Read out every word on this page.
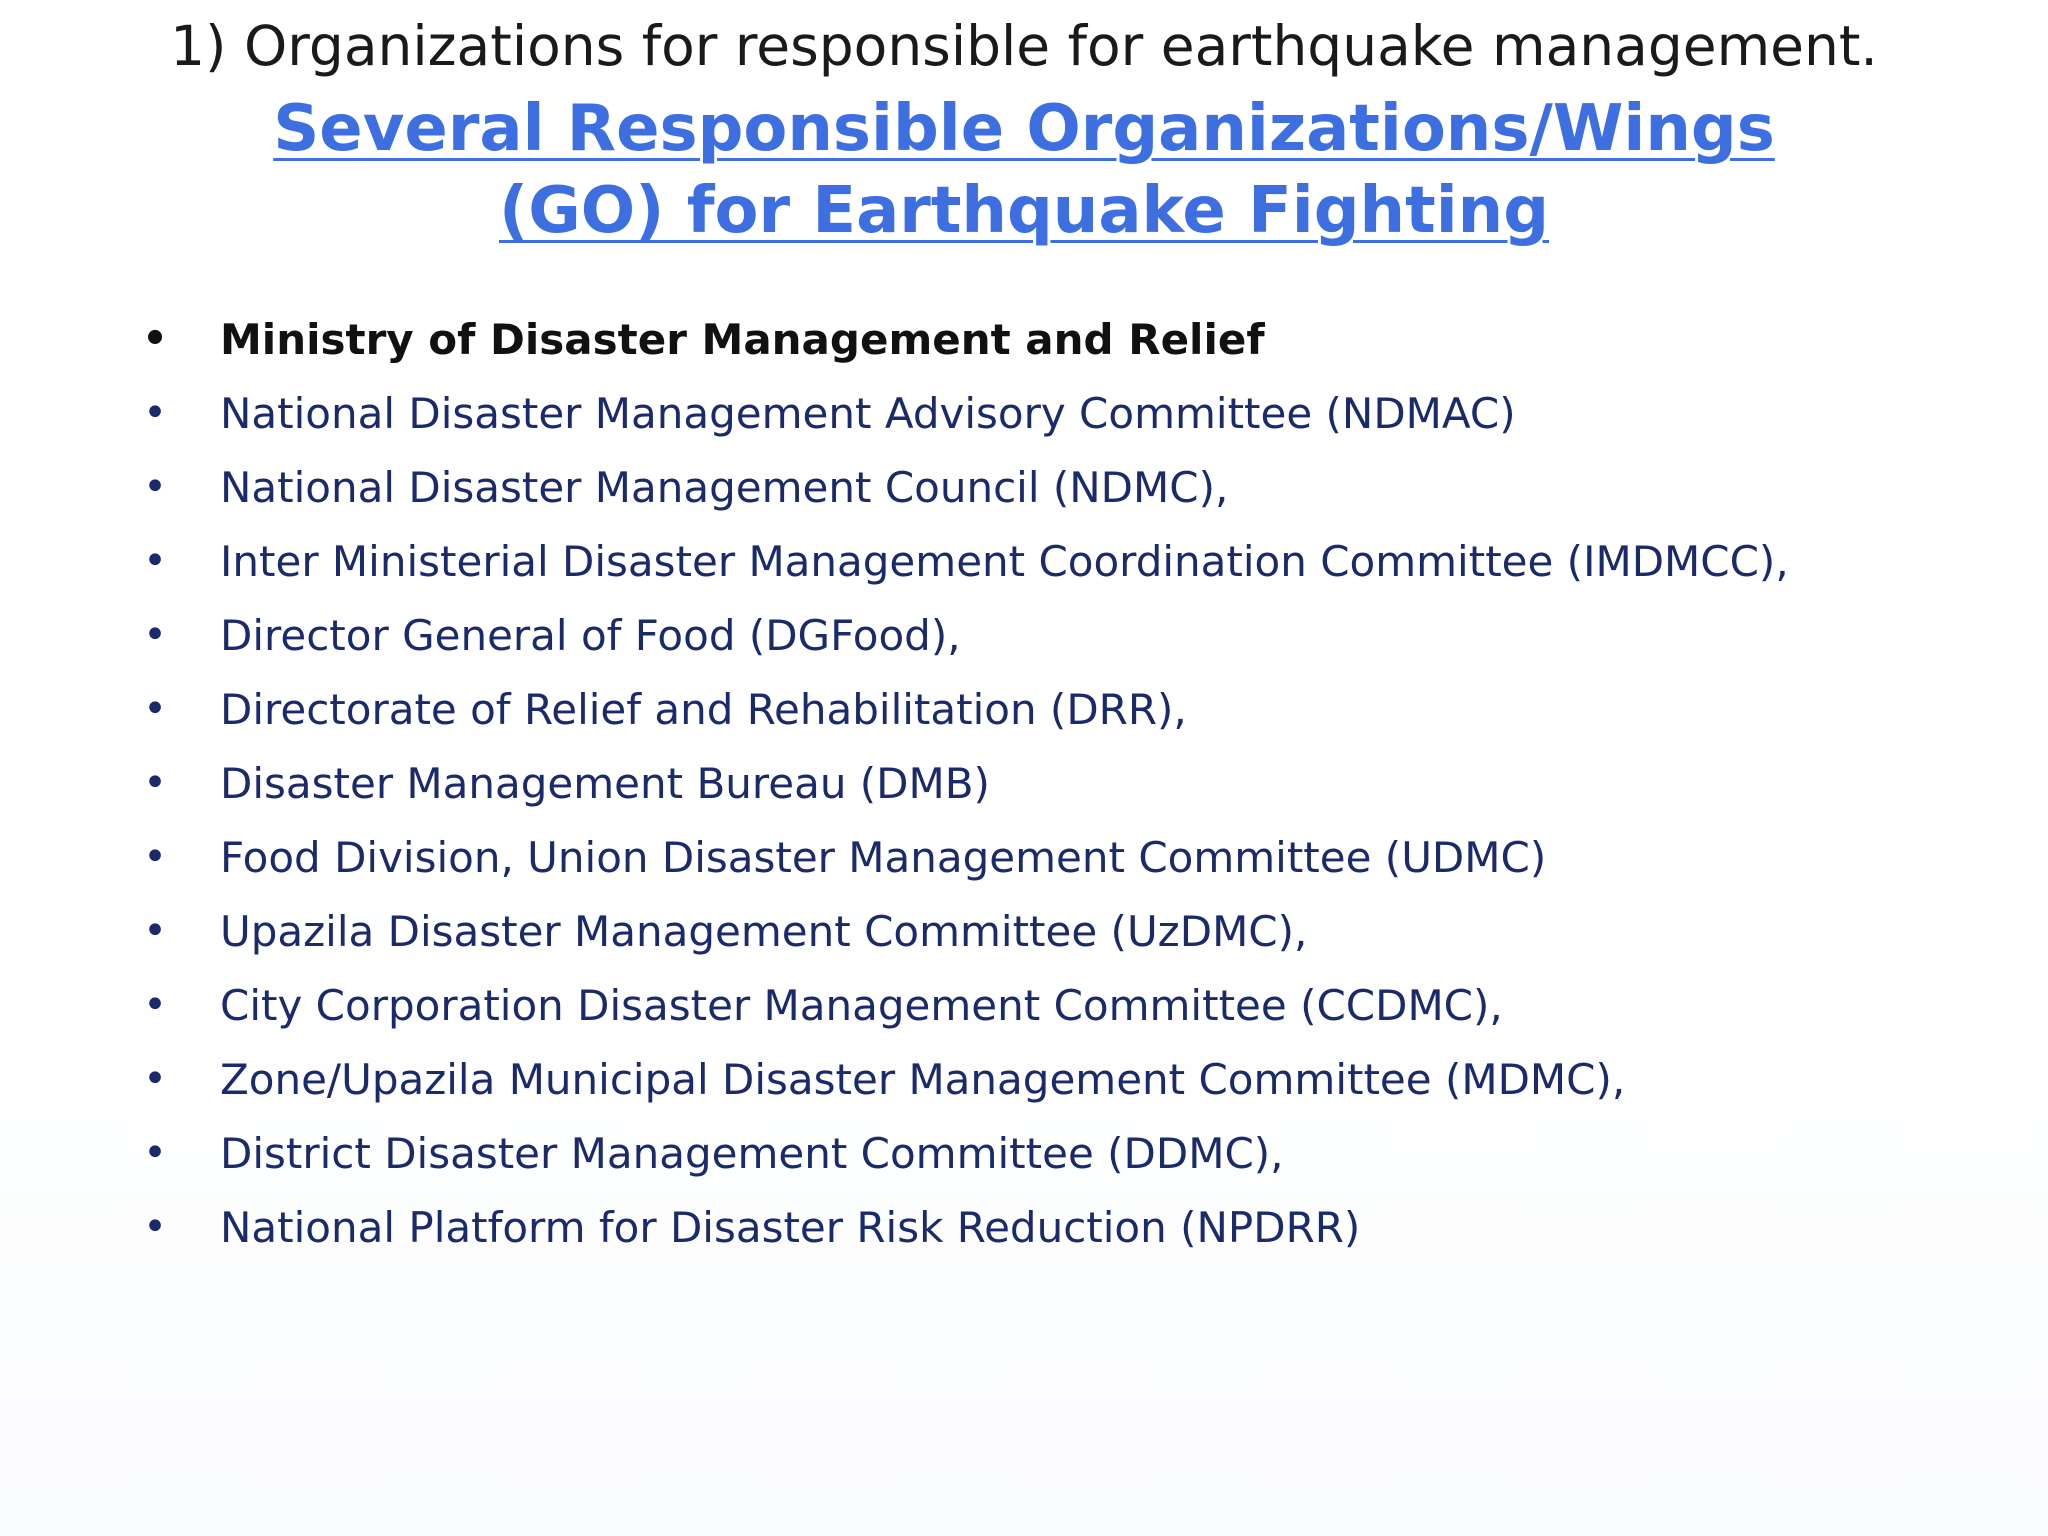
1) Organizations for responsible for earthquake management.
Several Responsible Organizations/Wings (GO) for Earthquake Fighting
• Ministry of Disaster Management and Relief
• National Disaster Management Advisory Committee (NDMAC)
• National Disaster Management Council (NDMC),
• Inter Ministerial Disaster Management Coordination Committee (IMDMCC),
• Director General of Food (DGFood),
• Directorate of Relief and Rehabilitation (DRR),
• Disaster Management Bureau (DMB)
• Food Division, Union Disaster Management Committee (UDMC)
• Upazila Disaster Management Committee (UzDMC),
• City Corporation Disaster Management Committee (CCDMC),
• Zone/Upazila Municipal Disaster Management Committee (MDMC),
• District Disaster Management Committee (DDMC),
• National Platform for Disaster Risk Reduction (NPDRR)
